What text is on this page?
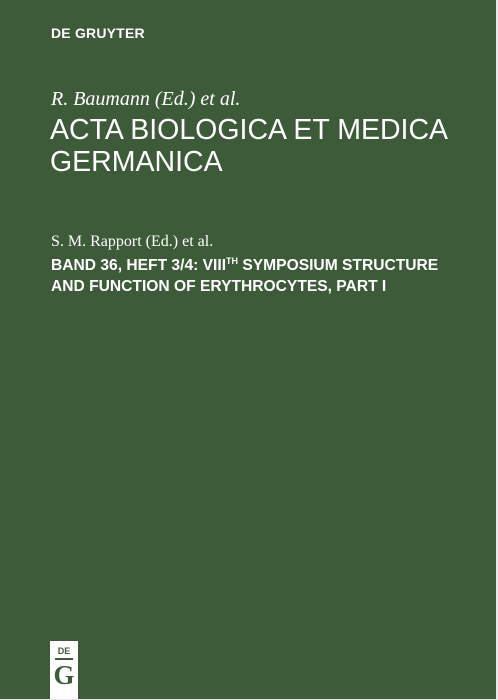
DE GRUYTER

R. Baumann (Ed.) et al.

ACTA BIOLOGICA ET MEDICA GERMANICA

S. M. Rapport (Ed.) et al.

BAND 36, HEFT 3/4: VIIITH SYMPOSIUM STRUCTURE AND FUNCTION OF ERYTHROCYTES, PART I
DE
G
